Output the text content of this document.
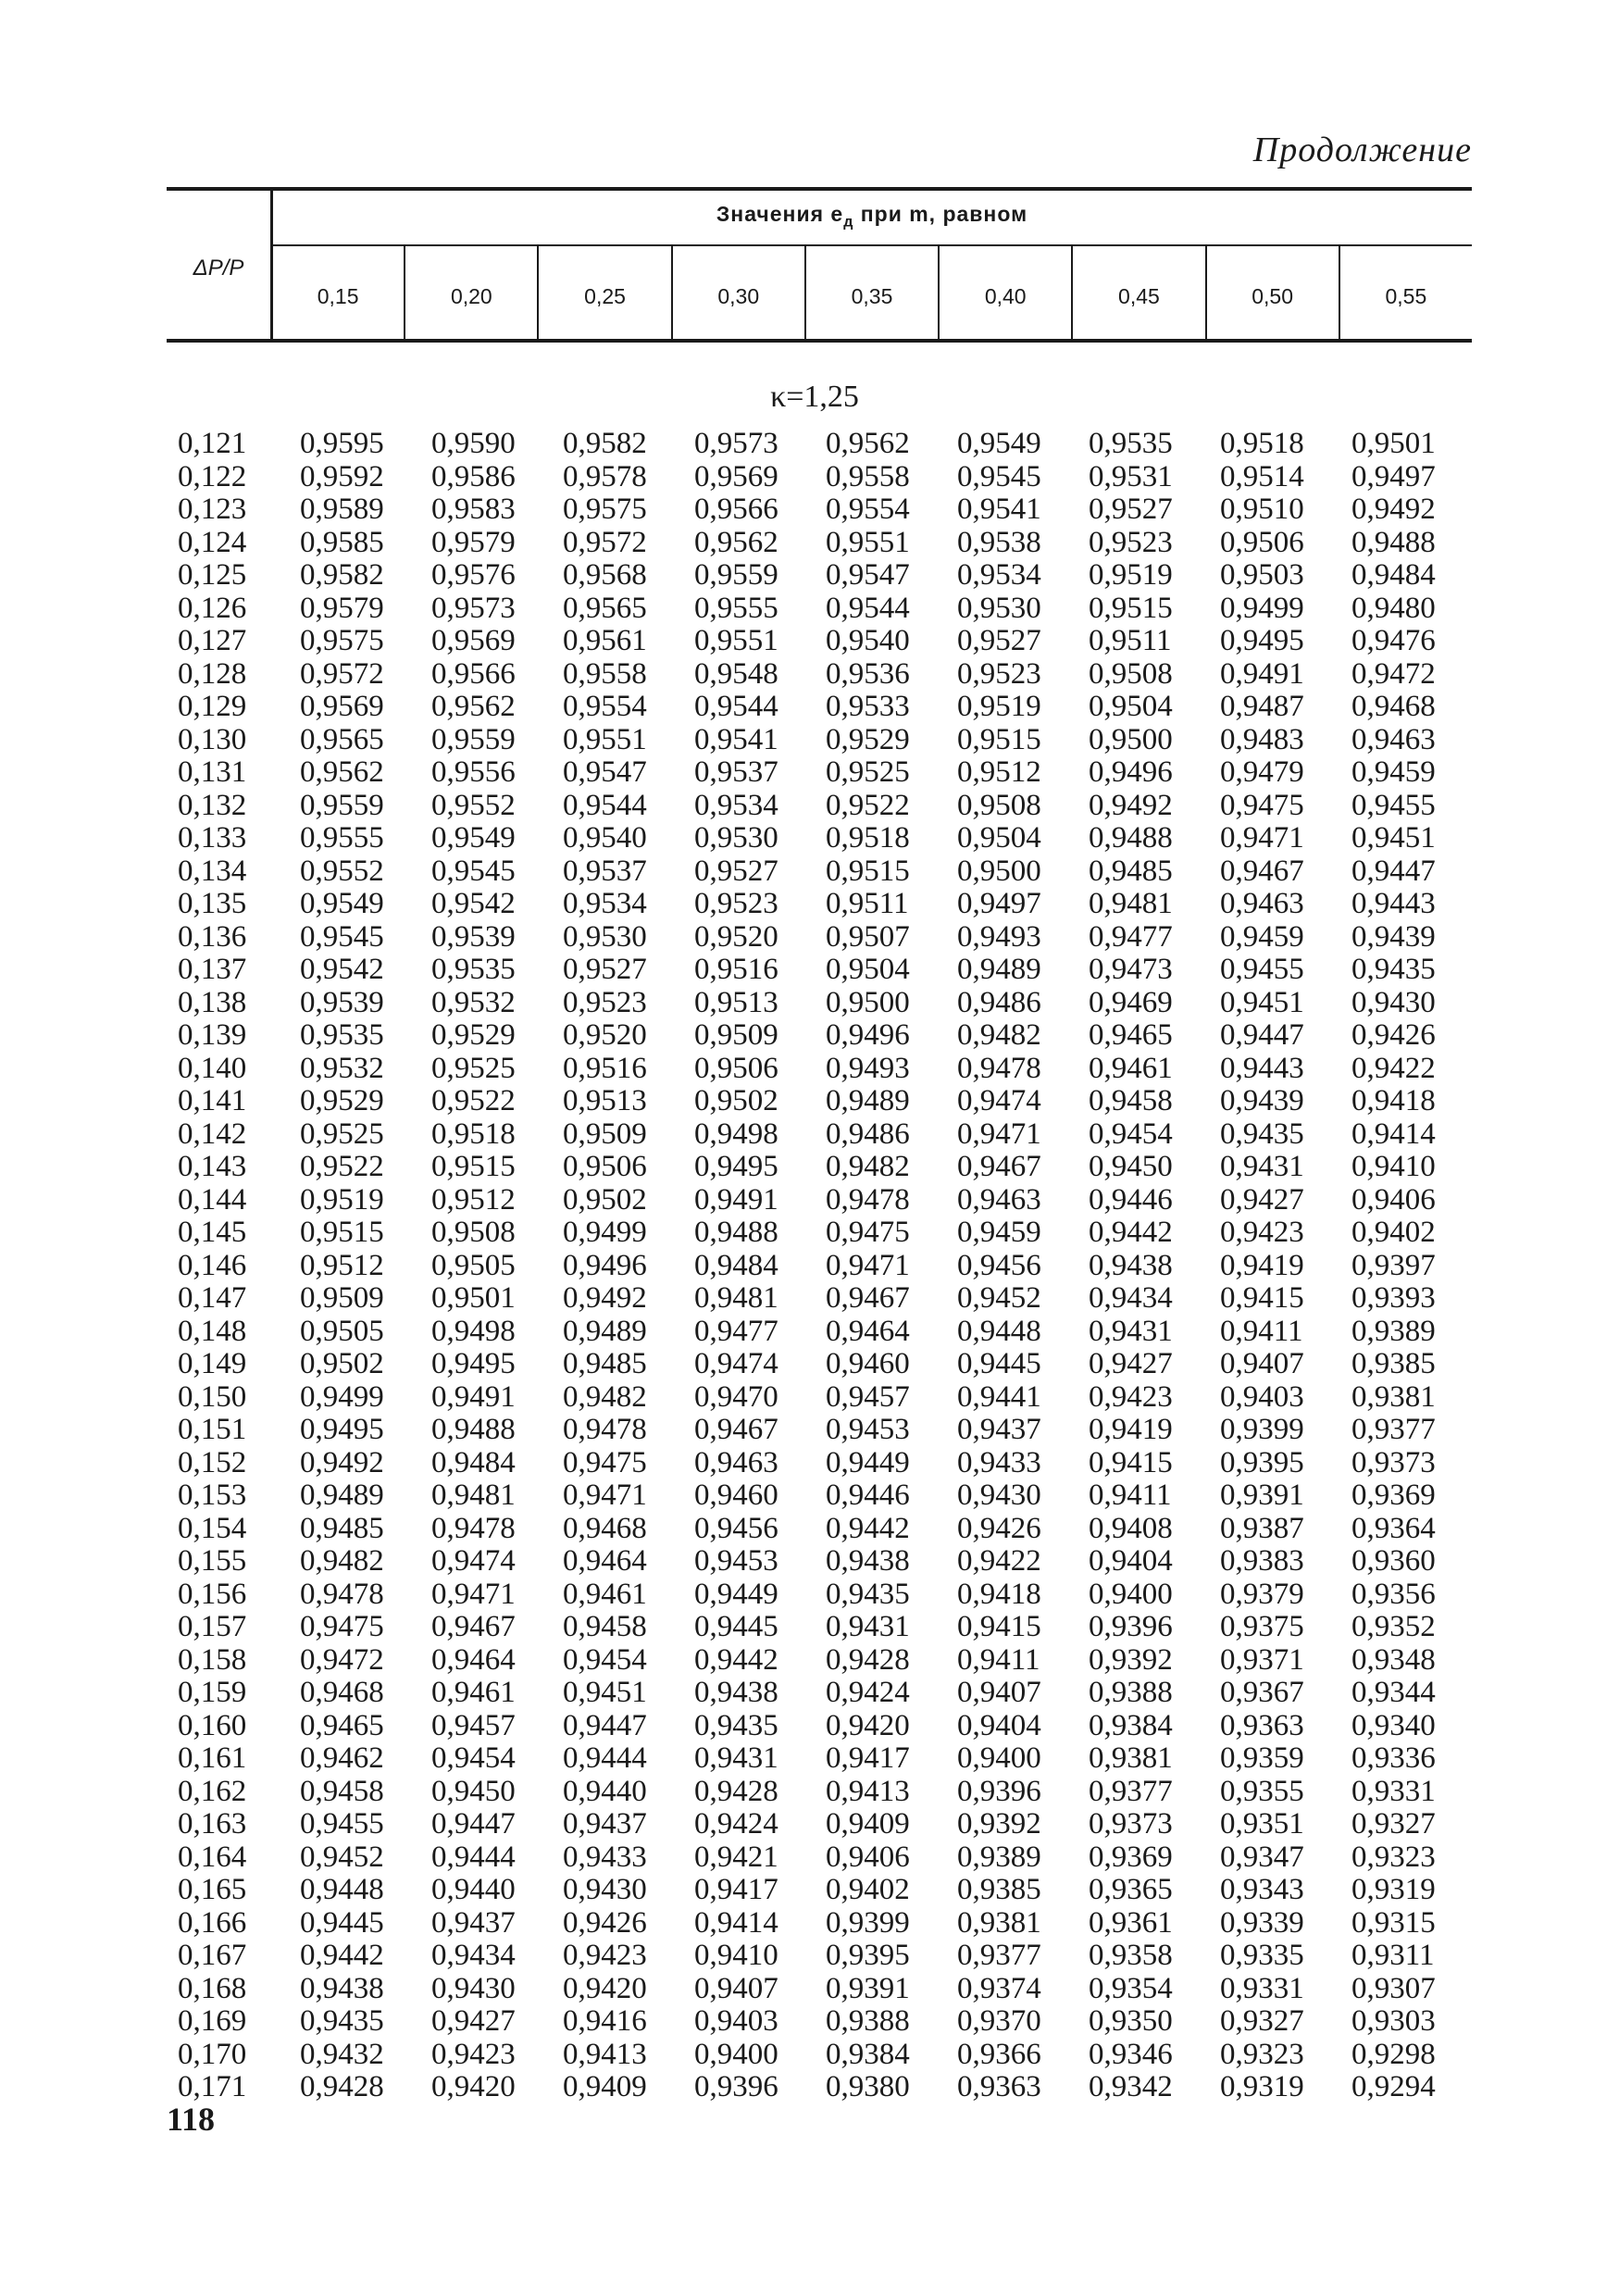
Продолжение
ΔP/P
Значения $e_д$ при m, равном
0,15	0,20	0,25	0,30	0,35	0,40	0,45	0,50	0,55
κ=1,25
0,121	0,9595	0,9590	0,9582	0,9573	0,9562	0,9549	0,9535	0,9518	0,9501
0,122	0,9592	0,9586	0,9578	0,9569	0,9558	0,9545	0,9531	0,9514	0,9497
0,123	0,9589	0,9583	0,9575	0,9566	0,9554	0,9541	0,9527	0,9510	0,9492
0,124	0,9585	0,9579	0,9572	0,9562	0,9551	0,9538	0,9523	0,9506	0,9488
0,125	0,9582	0,9576	0,9568	0,9559	0,9547	0,9534	0,9519	0,9503	0,9484
0,126	0,9579	0,9573	0,9565	0,9555	0,9544	0,9530	0,9515	0,9499	0,9480
0,127	0,9575	0,9569	0,9561	0,9551	0,9540	0,9527	0,9511	0,9495	0,9476
0,128	0,9572	0,9566	0,9558	0,9548	0,9536	0,9523	0,9508	0,9491	0,9472
0,129	0,9569	0,9562	0,9554	0,9544	0,9533	0,9519	0,9504	0,9487	0,9468
0,130	0,9565	0,9559	0,9551	0,9541	0,9529	0,9515	0,9500	0,9483	0,9463
0,131	0,9562	0,9556	0,9547	0,9537	0,9525	0,9512	0,9496	0,9479	0,9459
0,132	0,9559	0,9552	0,9544	0,9534	0,9522	0,9508	0,9492	0,9475	0,9455
0,133	0,9555	0,9549	0,9540	0,9530	0,9518	0,9504	0,9488	0,9471	0,9451
0,134	0,9552	0,9545	0,9537	0,9527	0,9515	0,9500	0,9485	0,9467	0,9447
0,135	0,9549	0,9542	0,9534	0,9523	0,9511	0,9497	0,9481	0,9463	0,9443
0,136	0,9545	0,9539	0,9530	0,9520	0,9507	0,9493	0,9477	0,9459	0,9439
0,137	0,9542	0,9535	0,9527	0,9516	0,9504	0,9489	0,9473	0,9455	0,9435
0,138	0,9539	0,9532	0,9523	0,9513	0,9500	0,9486	0,9469	0,9451	0,9430
0,139	0,9535	0,9529	0,9520	0,9509	0,9496	0,9482	0,9465	0,9447	0,9426
0,140	0,9532	0,9525	0,9516	0,9506	0,9493	0,9478	0,9461	0,9443	0,9422
0,141	0,9529	0,9522	0,9513	0,9502	0,9489	0,9474	0,9458	0,9439	0,9418
0,142	0,9525	0,9518	0,9509	0,9498	0,9486	0,9471	0,9454	0,9435	0,9414
0,143	0,9522	0,9515	0,9506	0,9495	0,9482	0,9467	0,9450	0,9431	0,9410
0,144	0,9519	0,9512	0,9502	0,9491	0,9478	0,9463	0,9446	0,9427	0,9406
0,145	0,9515	0,9508	0,9499	0,9488	0,9475	0,9459	0,9442	0,9423	0,9402
0,146	0,9512	0,9505	0,9496	0,9484	0,9471	0,9456	0,9438	0,9419	0,9397
0,147	0,9509	0,9501	0,9492	0,9481	0,9467	0,9452	0,9434	0,9415	0,9393
0,148	0,9505	0,9498	0,9489	0,9477	0,9464	0,9448	0,9431	0,9411	0,9389
0,149	0,9502	0,9495	0,9485	0,9474	0,9460	0,9445	0,9427	0,9407	0,9385
0,150	0,9499	0,9491	0,9482	0,9470	0,9457	0,9441	0,9423	0,9403	0,9381
0,151	0,9495	0,9488	0,9478	0,9467	0,9453	0,9437	0,9419	0,9399	0,9377
0,152	0,9492	0,9484	0,9475	0,9463	0,9449	0,9433	0,9415	0,9395	0,9373
0,153	0,9489	0,9481	0,9471	0,9460	0,9446	0,9430	0,9411	0,9391	0,9369
0,154	0,9485	0,9478	0,9468	0,9456	0,9442	0,9426	0,9408	0,9387	0,9364
0,155	0,9482	0,9474	0,9464	0,9453	0,9438	0,9422	0,9404	0,9383	0,9360
0,156	0,9478	0,9471	0,9461	0,9449	0,9435	0,9418	0,9400	0,9379	0,9356
0,157	0,9475	0,9467	0,9458	0,9445	0,9431	0,9415	0,9396	0,9375	0,9352
0,158	0,9472	0,9464	0,9454	0,9442	0,9428	0,9411	0,9392	0,9371	0,9348
0,159	0,9468	0,9461	0,9451	0,9438	0,9424	0,9407	0,9388	0,9367	0,9344
0,160	0,9465	0,9457	0,9447	0,9435	0,9420	0,9404	0,9384	0,9363	0,9340
0,161	0,9462	0,9454	0,9444	0,9431	0,9417	0,9400	0,9381	0,9359	0,9336
0,162	0,9458	0,9450	0,9440	0,9428	0,9413	0,9396	0,9377	0,9355	0,9331
0,163	0,9455	0,9447	0,9437	0,9424	0,9409	0,9392	0,9373	0,9351	0,9327
0,164	0,9452	0,9444	0,9433	0,9421	0,9406	0,9389	0,9369	0,9347	0,9323
0,165	0,9448	0,9440	0,9430	0,9417	0,9402	0,9385	0,9365	0,9343	0,9319
0,166	0,9445	0,9437	0,9426	0,9414	0,9399	0,9381	0,9361	0,9339	0,9315
0,167	0,9442	0,9434	0,9423	0,9410	0,9395	0,9377	0,9358	0,9335	0,9311
0,168	0,9438	0,9430	0,9420	0,9407	0,9391	0,9374	0,9354	0,9331	0,9307
0,169	0,9435	0,9427	0,9416	0,9403	0,9388	0,9370	0,9350	0,9327	0,9303
0,170	0,9432	0,9423	0,9413	0,9400	0,9384	0,9366	0,9346	0,9323	0,9298
0,171	0,9428	0,9420	0,9409	0,9396	0,9380	0,9363	0,9342	0,9319	0,9294
118
